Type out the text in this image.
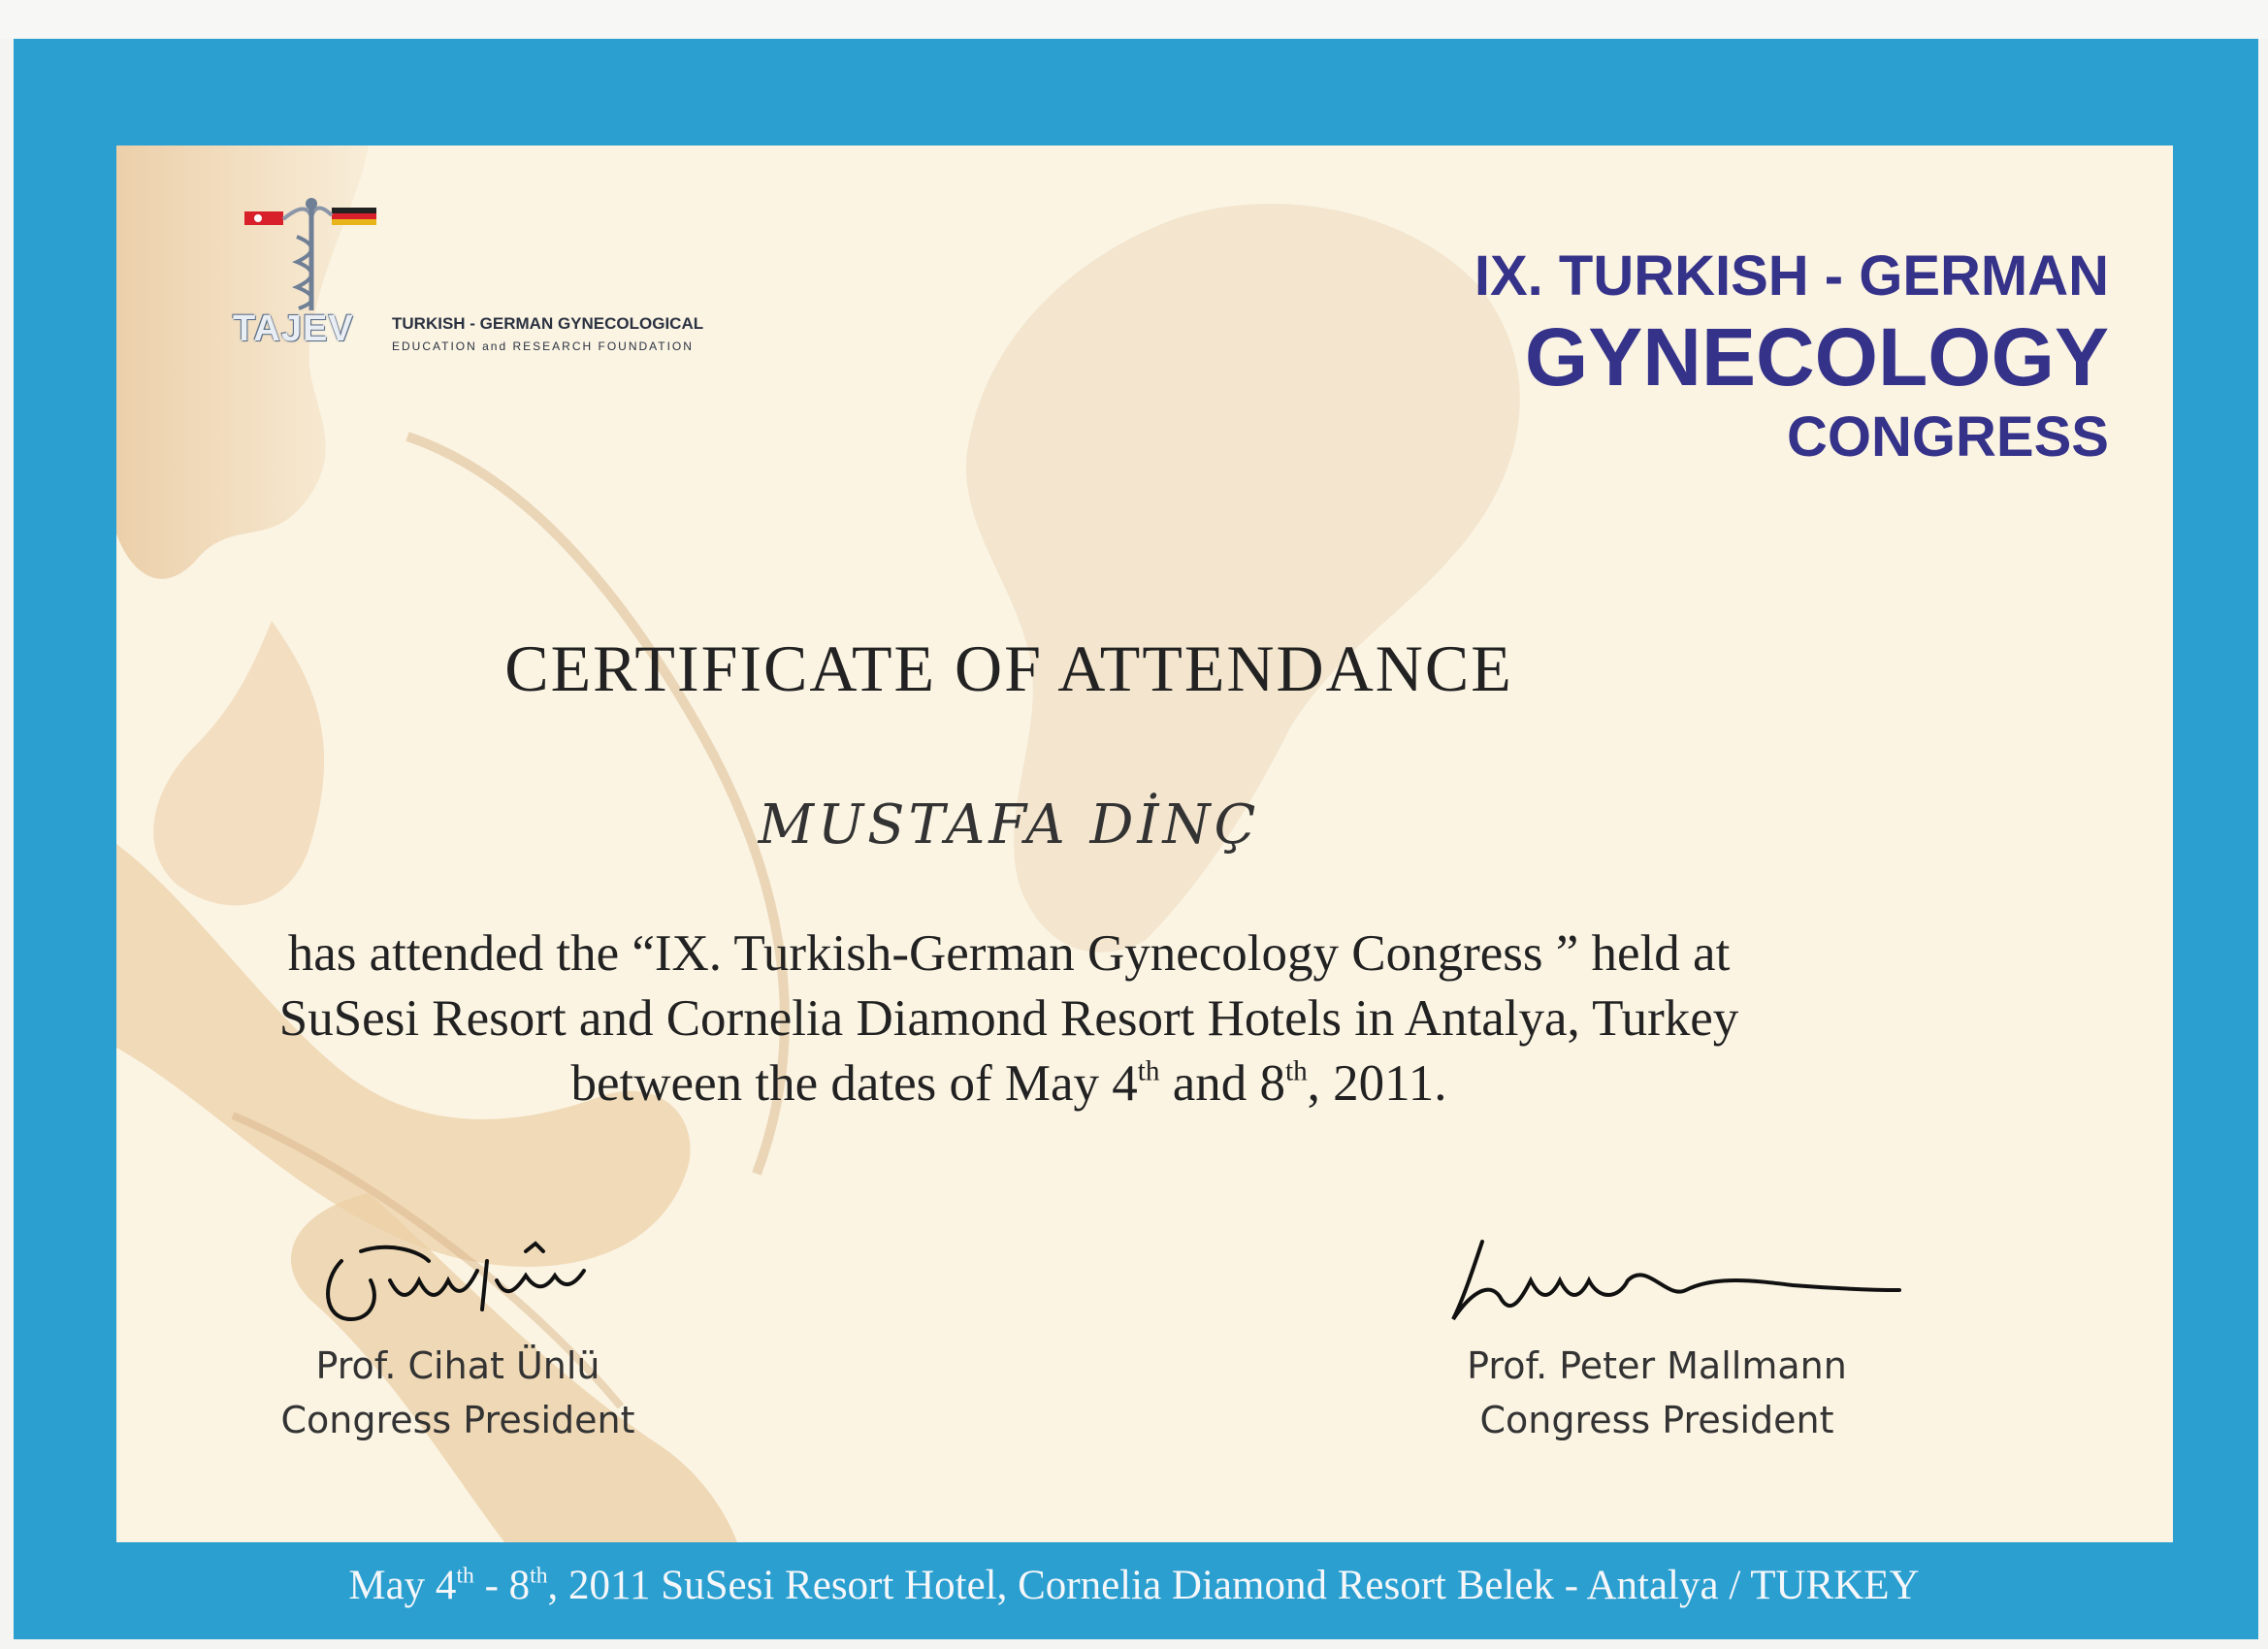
TAJEV TURKISH - GERMAN GYNECOLOGICAL
EDUCATION and RESEARCH FOUNDATION
IX. TURKISH - GERMAN
GYNECOLOGY
CONGRESS
CERTIFICATE OF ATTENDANCE
MUSTAFA DİNÇ
has attended the “IX. Turkish-German Gynecology Congress ” held at
SuSesi Resort and Cornelia Diamond Resort Hotels in Antalya, Turkey
between the dates of May 4th and 8th, 2011.
Prof. Cihat Ünlü
Congress President
Prof. Peter Mallmann
Congress President
May 4th - 8th, 2011 SuSesi Resort Hotel, Cornelia Diamond Resort Belek - Antalya / TURKEY
